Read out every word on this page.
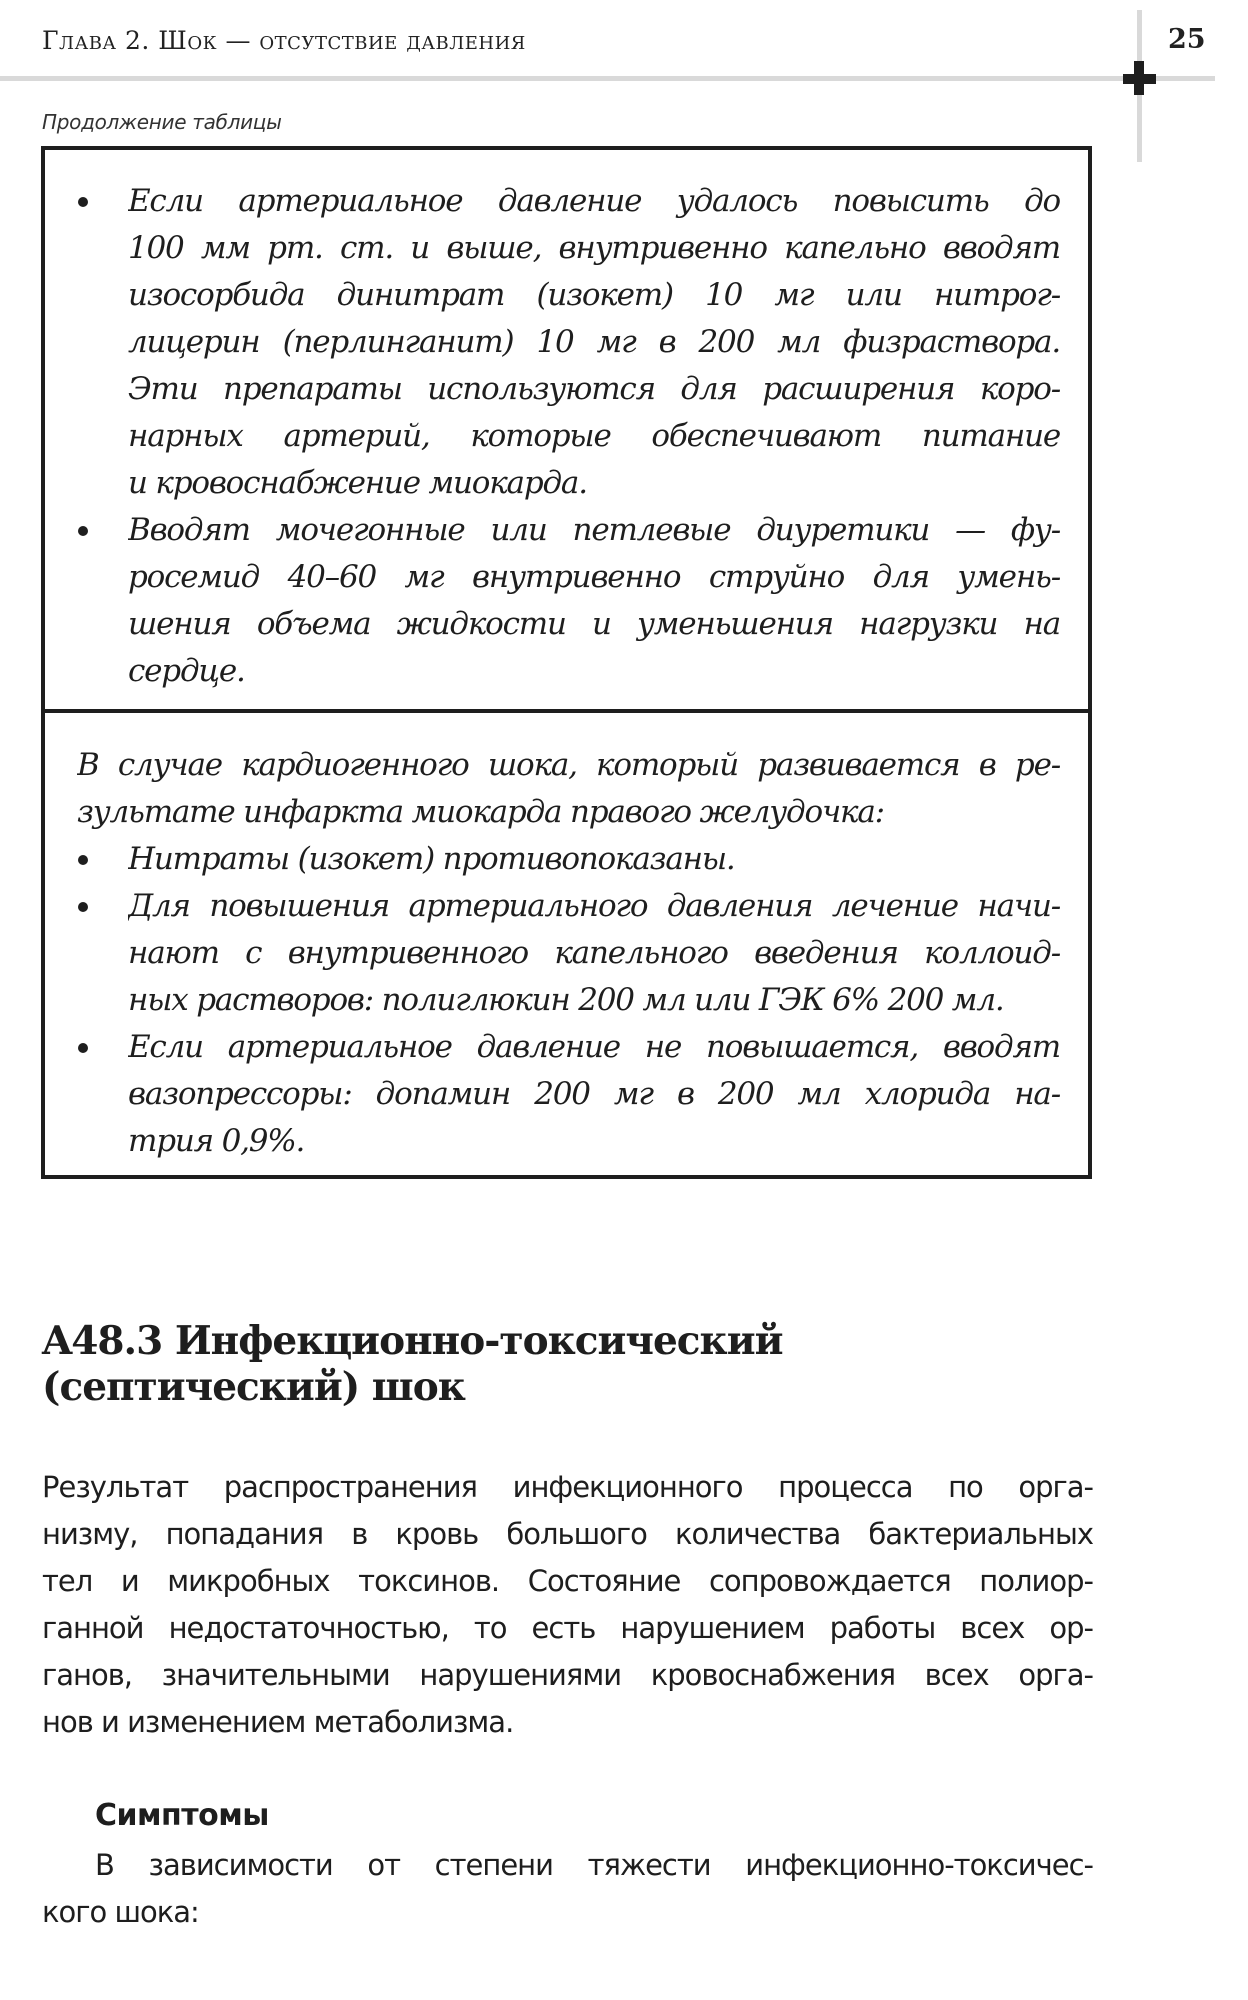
Глава 2. Шок — отсутствие давления	25
Продолжение таблицы
Если артериальное давление удалось повысить до
100 мм рт. ст. и выше, внутривенно капельно вводят
изосорбида динитрат (изокет) 10 мг или нитрог-
лицерин (перлинганит) 10 мг в 200 мл физраствора.
Эти препараты используются для расширения коро-
нарных артерий, которые обеспечивают питание
и кровоснабжение миокарда.
Вводят мочегонные или петлевые диуретики — фу-
росемид 40–60 мг внутривенно струйно для умень-
шения объема жидкости и уменьшения нагрузки на
сердце.
В случае кардиогенного шока, который развивается в ре-
зультате инфаркта миокарда правого желудочка:
Нитраты (изокет) противопоказаны.
Для повышения артериального давления лечение начи-
нают с внутривенного капельного введения коллоид-
ных растворов: полиглюкин 200 мл или ГЭК 6% 200 мл.
Если артериальное давление не повышается, вводят
вазопрессоры: допамин 200 мг в 200 мл хлорида на-
трия 0,9%.
A48.3 Инфекционно-токсический
(септический) шок
Результат распространения инфекционного процесса по орга-
низму, попадания в кровь большого количества бактериальных
тел и микробных токсинов. Состояние сопровождается полиор-
ганной недостаточностью, то есть нарушением работы всех ор-
ганов, значительными нарушениями кровоснабжения всех орга-
нов и изменением метаболизма.
Симптомы
В зависимости от степени тяжести инфекционно-токсичес-
кого шока:
